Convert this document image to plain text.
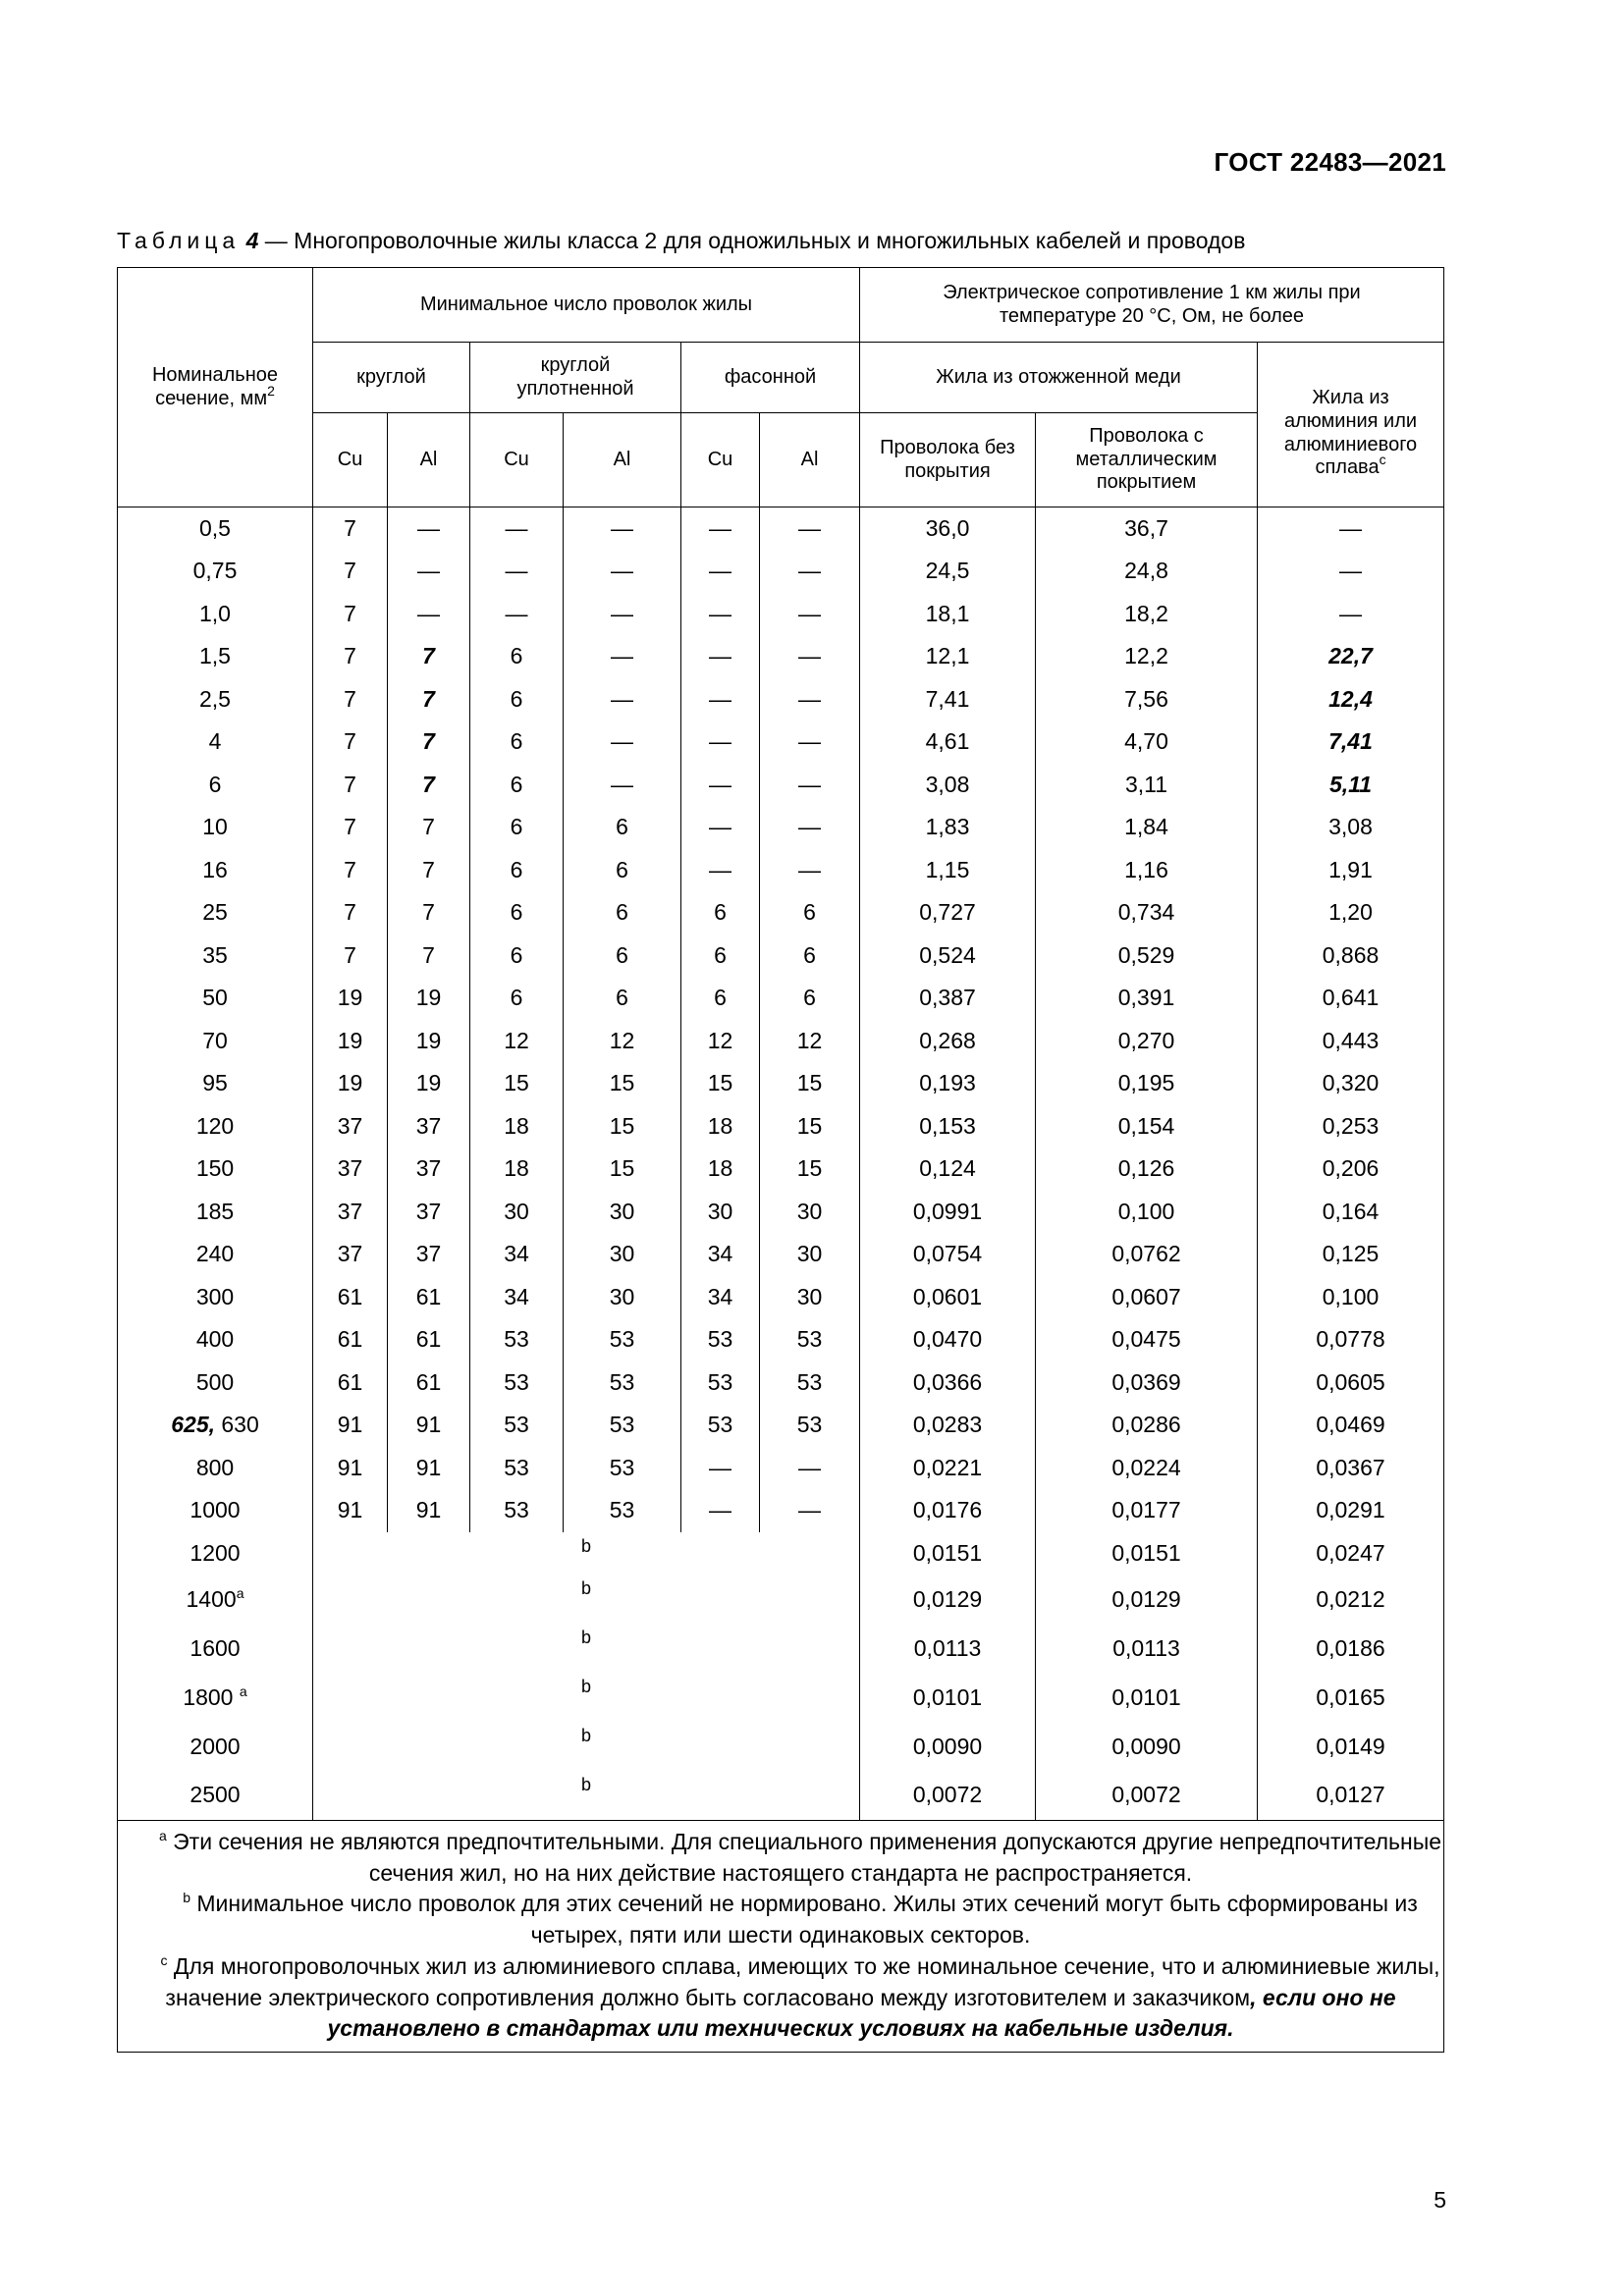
ГОСТ 22483—2021
Таблица 4 — Многопроволочные жилы класса 2 для одножильных и многожильных кабелей и проводов
Номинальное сечение, $мм^2$	Минимальное число проволок жилы						Электрическое сопротивление 1 км жилы при температуре 20 °С, Ом, не более		
	круглой		круглой уплотненной		фасонной		Жила из отожженной меди		Жила из алюминия или алюминиевого сплава$^c$
	Cu	Al	Cu	Al	Cu	Al	Проволока без покрытия	Проволока с металлическим покрытием	
0,5	7	—	—	—	—	—	36,0	36,7	—
0,75	7	—	—	—	—	—	24,5	24,8	—
1,0	7	—	—	—	—	—	18,1	18,2	—
1,5	7	7	6	—	—	—	12,1	12,2	22,7
2,5	7	7	6	—	—	—	7,41	7,56	12,4
4	7	7	6	—	—	—	4,61	4,70	7,41
6	7	7	6	—	—	—	3,08	3,11	5,11
10	7	7	6	6	—	—	1,83	1,84	3,08
16	7	7	6	6	—	—	1,15	1,16	1,91
25	7	7	6	6	6	6	0,727	0,734	1,20
35	7	7	6	6	6	6	0,524	0,529	0,868
50	19	19	6	6	6	6	0,387	0,391	0,641
70	19	19	12	12	12	12	0,268	0,270	0,443
95	19	19	15	15	15	15	0,193	0,195	0,320
120	37	37	18	15	18	15	0,153	0,154	0,253
150	37	37	18	15	18	15	0,124	0,126	0,206
185	37	37	30	30	30	30	0,0991	0,100	0,164
240	37	37	34	30	34	30	0,0754	0,0762	0,125
300	61	61	34	30	34	30	0,0601	0,0607	0,100
400	61	61	53	53	53	53	0,0470	0,0475	0,0778
500	61	61	53	53	53	53	0,0366	0,0369	0,0605
625, 630	91	91	53	53	53	53	0,0283	0,0286	0,0469
800	91	91	53	53	—	—	0,0221	0,0224	0,0367
1000	91	91	53	53	—	—	0,0176	0,0177	0,0291
1200	b						0,0151	0,0151	0,0247
1400$^a$	b						0,0129	0,0129	0,0212
1600	b						0,0113	0,0113	0,0186
1800 $^a$	b						0,0101	0,0101	0,0165
2000	b						0,0090	0,0090	0,0149
2500	b						0,0072	0,0072	0,0127

$^a$ Эти сечения не являются предпочтительными. Для специального применения допускаются другие непредпочтительные сечения жил, но на них действие настоящего стандарта не распространяется.

$^b$ Минимальное число проволок для этих сечений не нормировано. Жилы этих сечений могут быть сформированы из четырех, пяти или шести одинаковых секторов.

$^c$ Для многопроволочных жил из алюминиевого сплава, имеющих то же номинальное сечение, что и алюминиевые жилы, значение электрического сопротивления должно быть согласовано между изготовителем и заказчиком, если оно не установлено в стандартах или технических условиях на кабельные изделия.									

5
